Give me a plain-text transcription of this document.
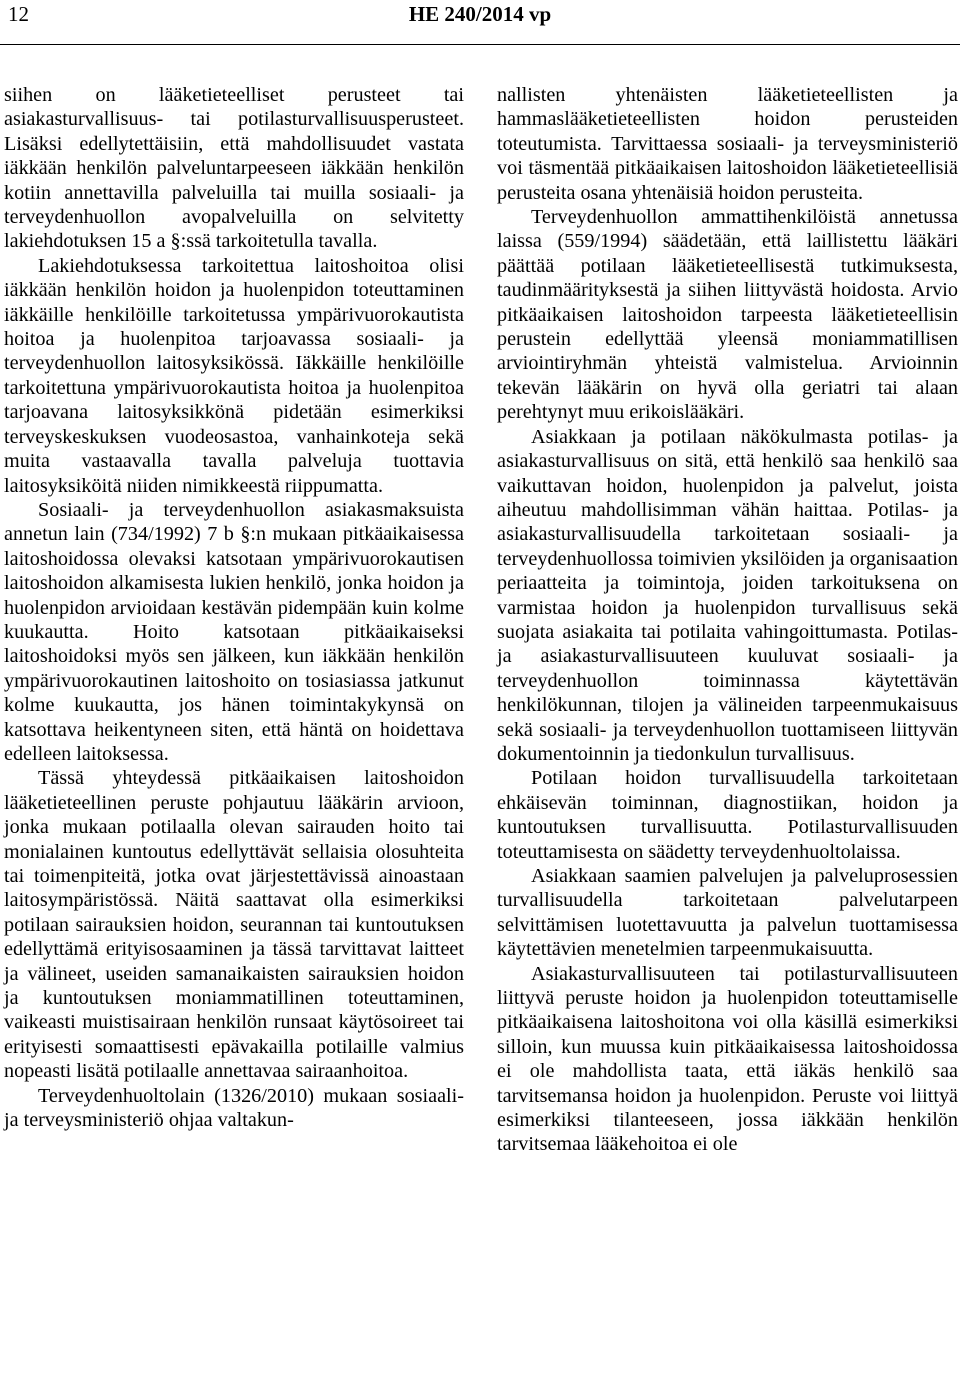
12	HE 240/2014 vp

siihen on lääketieteelliset perusteet tai asiakasturvallisuus- tai potilasturvallisuusperusteet. Lisäksi edellytettäisiin, että mahdollisuudet vastata iäkkään henkilön palveluntarpeeseen iäkkään henkilön kotiin annettavilla palveluilla tai muilla sosiaali- ja terveydenhuollon avopalveluilla on selvitetty lakiehdotuksen 15 a §:ssä tarkoitetulla tavalla.

Lakiehdotuksessa tarkoitettua laitoshoitoa olisi iäkkään henkilön hoidon ja huolenpidon toteuttaminen iäkkäille henkilöille tarkoitetussa ympärivuorokautista hoitoa ja huolenpitoa tarjoavassa sosiaali- ja terveydenhuollon laitosyksikössä. Iäkkäille henkilöille tarkoitettuna ympärivuorokautista hoitoa ja huolenpitoa tarjoavana laitosyksikkönä pidetään esimerkiksi terveyskeskuksen vuodeosastoa, vanhainkoteja sekä muita vastaavalla tavalla palveluja tuottavia laitosyksiköitä niiden nimikkeestä riippumatta.

Sosiaali- ja terveydenhuollon asiakasmaksuista annetun lain (734/1992) 7 b §:n mukaan pitkäaikaisessa laitoshoidossa olevaksi katsotaan ympärivuorokautisen laitoshoidon alkamisesta lukien henkilö, jonka hoidon ja huolenpidon arvioidaan kestävän pidempään kuin kolme kuukautta. Hoito katsotaan pitkäaikaiseksi laitoshoidoksi myös sen jälkeen, kun iäkkään henkilön ympärivuorokautinen laitoshoito on tosiasiassa jatkunut kolme kuukautta, jos hänen toimintakykynsä on katsottava heikentyneen siten, että häntä on hoidettava edelleen laitoksessa.

Tässä yhteydessä pitkäaikaisen laitoshoidon lääketieteellinen peruste pohjautuu lääkärin arvioon, jonka mukaan potilaalla olevan sairauden hoito tai monialainen kuntoutus edellyttävät sellaisia olosuhteita tai toimenpiteitä, jotka ovat järjestettävissä ainoastaan laitosympäristössä. Näitä saattavat olla esimerkiksi potilaan sairauksien hoidon, seurannan tai kuntoutuksen edellyttämä erityisosaaminen ja tässä tarvittavat laitteet ja välineet, useiden samanaikaisten sairauksien hoidon ja kuntoutuksen moniammatillinen toteuttaminen, vaikeasti muistisairaan henkilön runsaat käytösoireet tai erityisesti somaattisesti epävakailla potilaille valmius nopeasti lisätä potilaalle annettavaa sairaanhoitoa.

Terveydenhuoltolain (1326/2010) mukaan sosiaali- ja terveysministeriö ohjaa valtakun-

nallisten yhtenäisten lääketieteellisten ja hammaslääketieteellisten hoidon perusteiden toteutumista. Tarvittaessa sosiaali- ja terveysministeriö voi täsmentää pitkäaikaisen laitoshoidon lääketieteellisiä perusteita osana yhtenäisiä hoidon perusteita.

Terveydenhuollon ammattihenkilöistä annetussa laissa (559/1994) säädetään, että laillistettu lääkäri päättää potilaan lääketieteellisestä tutkimuksesta, taudinmäärityksestä ja siihen liittyvästä hoidosta. Arvio pitkäaikaisen laitoshoidon tarpeesta lääketieteellisin perustein edellyttää yleensä moniammatillisen arviointiryhmän yhteistä valmistelua. Arvioinnin tekevän lääkärin on hyvä olla geriatri tai alaan perehtynyt muu erikoislääkäri.

Asiakkaan ja potilaan näkökulmasta potilas- ja asiakasturvallisuus on sitä, että henkilö saa henkilö saa vaikuttavan hoidon, huolenpidon ja palvelut, joista aiheutuu mahdollisimman vähän haittaa. Potilas- ja asiakasturvallisuudella tarkoitetaan sosiaali- ja terveydenhuollossa toimivien yksilöiden ja organisaation periaatteita ja toimintoja, joiden tarkoituksena on varmistaa hoidon ja huolenpidon turvallisuus sekä suojata asiakaita tai potilaita vahingoittumasta. Potilas- ja asiakasturvallisuuteen kuuluvat sosiaali- ja terveydenhuollon toiminnassa käytettävän henkilökunnan, tilojen ja välineiden tarpeenmukaisuus sekä sosiaali- ja terveydenhuollon tuottamiseen liittyvän dokumentoinnin ja tiedonkulun turvallisuus.

Potilaan hoidon turvallisuudella tarkoitetaan ehkäisevän toiminnan, diagnostiikan, hoidon ja kuntoutuksen turvallisuutta. Potilasturvallisuuden toteuttamisesta on säädetty terveydenhuoltolaissa.

Asiakkaan saamien palvelujen ja palveluprosessien turvallisuudella tarkoitetaan palvelutarpeen selvittämisen luotettavuutta ja palvelun tuottamisessa käytettävien menetelmien tarpeenmukaisuutta.

Asiakasturvallisuuteen tai potilasturvallisuuteen liittyvä peruste hoidon ja huolenpidon toteuttamiselle pitkäaikaisena laitoshoitona voi olla käsillä esimerkiksi silloin, kun muussa kuin pitkäaikaisessa laitoshoidossa ei ole mahdollista taata, että iäkäs henkilö saa tarvitsemansa hoidon ja huolenpidon. Peruste voi liittyä esimerkiksi tilanteeseen, jossa iäkkään henkilön tarvitsemaa lääkehoitoa ei ole
